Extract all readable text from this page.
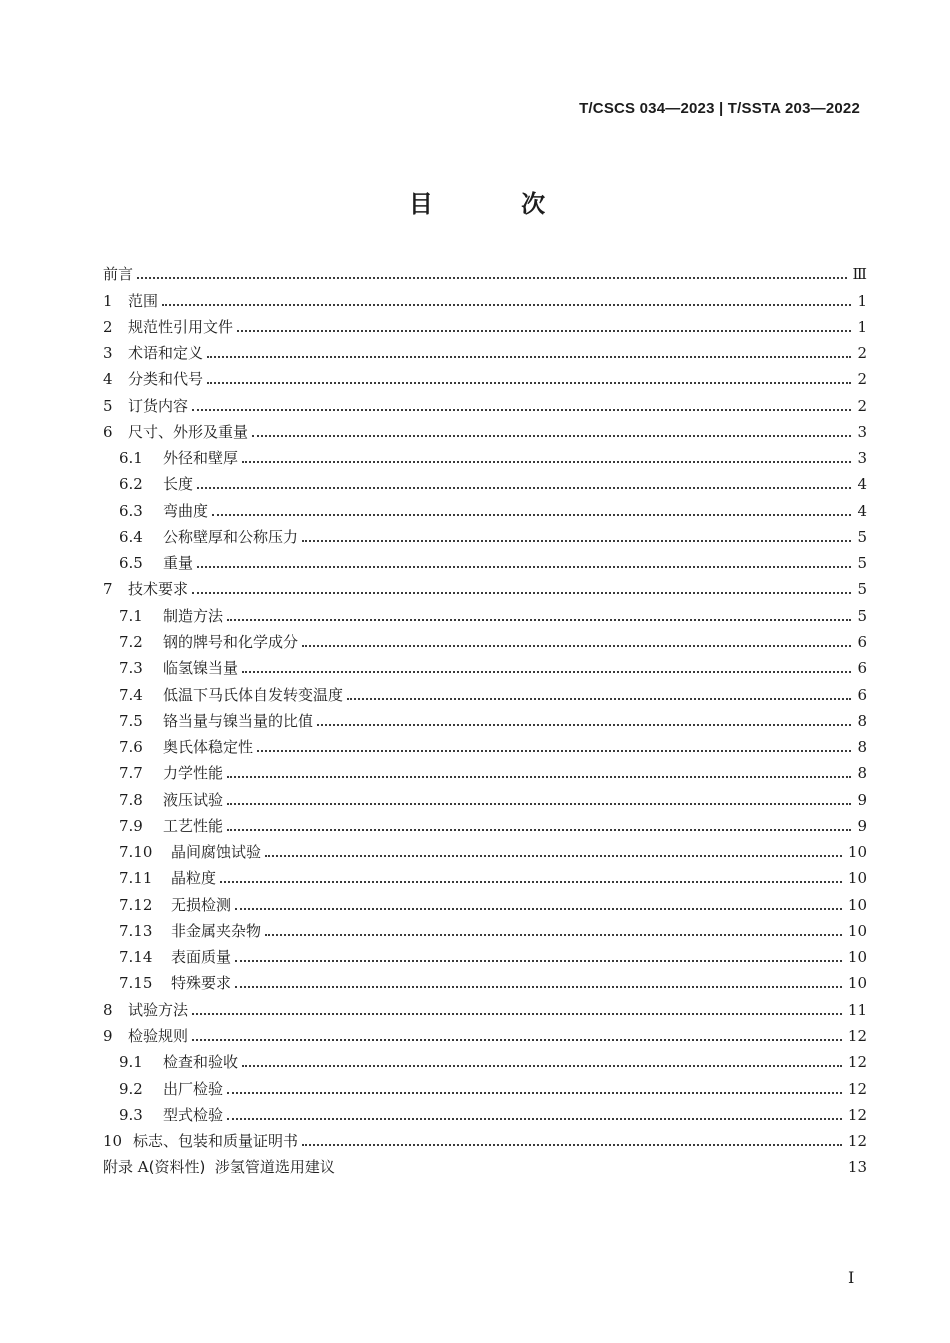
T/CSCS 034—2023 | T/SSTA 203—2022
目 次
前言	Ⅲ
1	范围	1
2	规范性引用文件	1
3	术语和定义	2
4	分类和代号	2
5	订货内容	2
6	尺寸、外形及重量	3
6.1	外径和壁厚	3
6.2	长度	4
6.3	弯曲度	4
6.4	公称壁厚和公称压力	5
6.5	重量	5
7	技术要求	5
7.1	制造方法	5
7.2	钢的牌号和化学成分	6
7.3	临氢镍当量	6
7.4	低温下马氏体自发转变温度	6
7.5	铬当量与镍当量的比值	8
7.6	奥氏体稳定性	8
7.7	力学性能	8
7.8	液压试验	9
7.9	工艺性能	9
7.10	晶间腐蚀试验	10
7.11	晶粒度	10
7.12	无损检测	10
7.13	非金属夹杂物	10
7.14	表面质量	10
7.15	特殊要求	10
8	试验方法	11
9	检验规则	12
9.1	检查和验收	12
9.2	出厂检验	12
9.3	型式检验	12
10 标志、包装和质量证明书	12
附录 A (资料性)  涉氢管道选用建议	13
I
